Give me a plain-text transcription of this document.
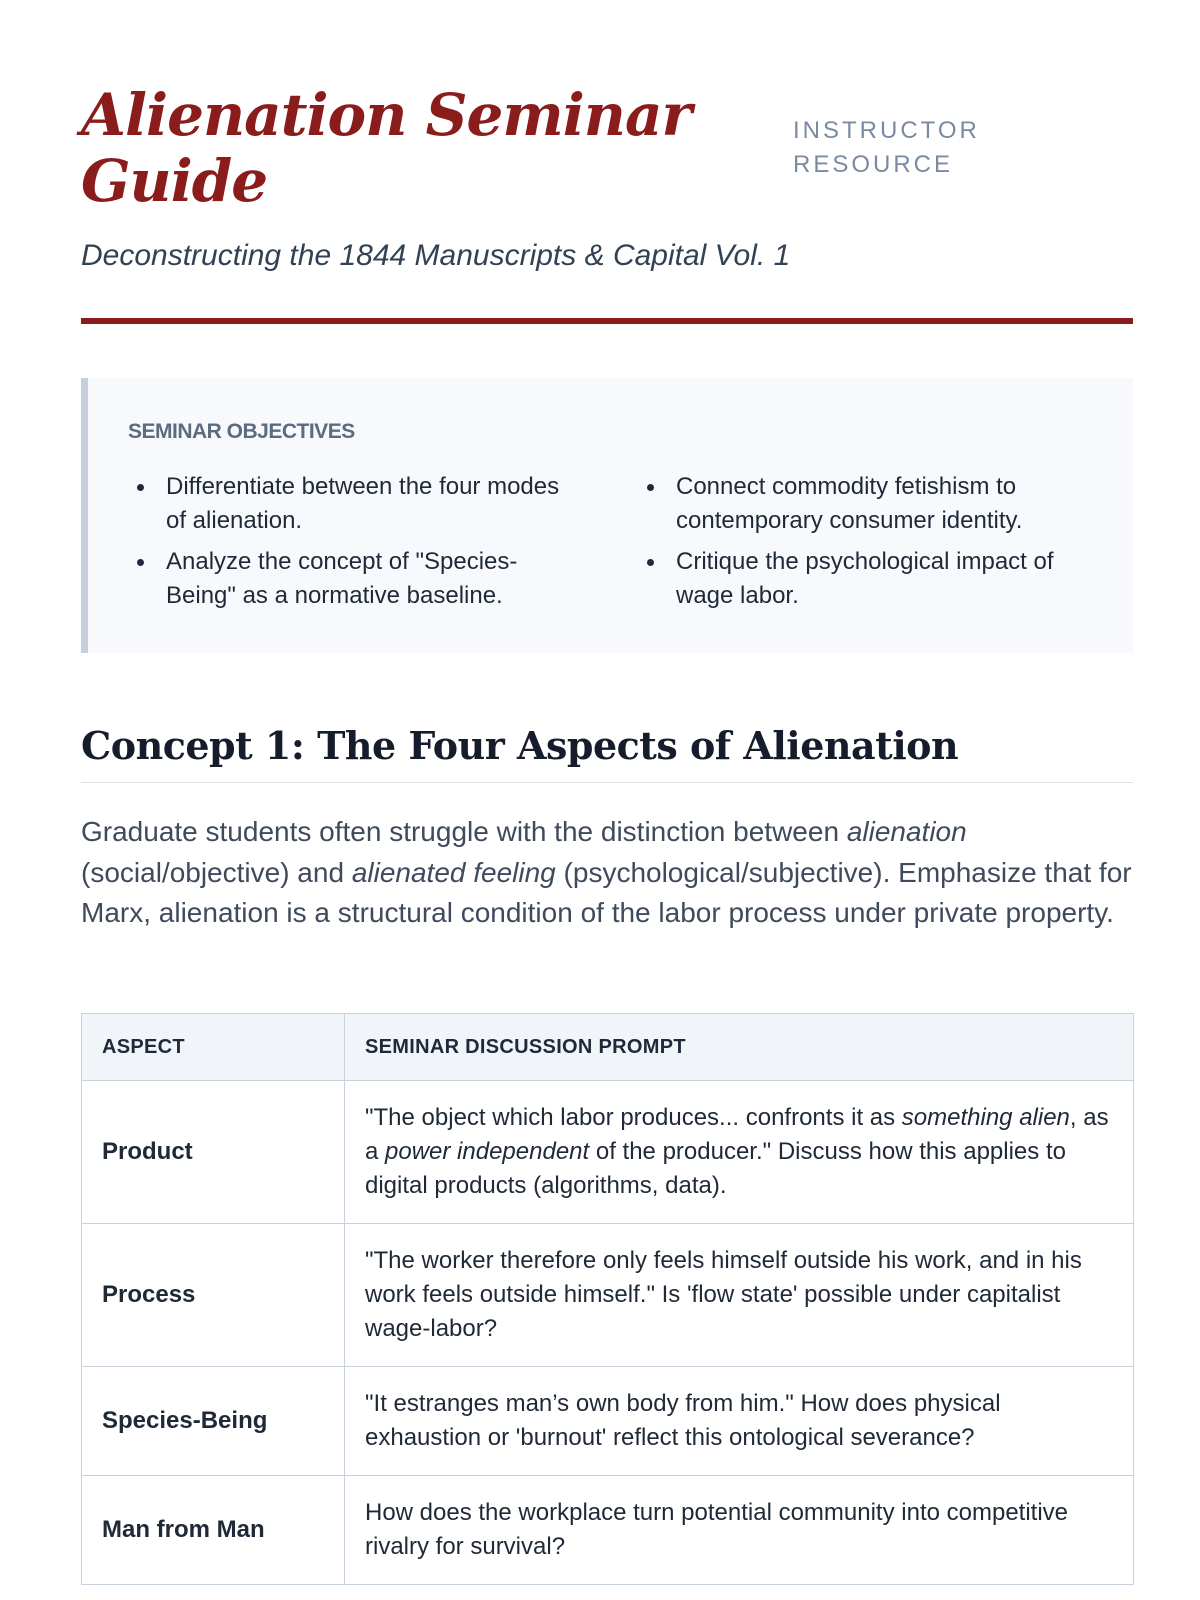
Alienation Seminar Guide
INSTRUCTOR RESOURCE

Deconstructing the 1844 Manuscripts & Capital Vol. 1

SEMINAR OBJECTIVES
Differentiate between the four modes of alienation.
Analyze the concept of "Species-Being" as a normative baseline.
Connect commodity fetishism to contemporary consumer identity.
Critique the psychological impact of wage labor.
Concept 1: The Four Aspects of Alienation

Graduate students often struggle with the distinction between alienation (social/objective) and alienated feeling (psychological/subjective). Emphasize that for Marx, alienation is a structural condition of the labor process under private property.

ASPECT	SEMINAR DISCUSSION PROMPT
Product	"The object which labor produces... confronts it as something alien, as a power independent of the producer." Discuss how this applies to digital products (algorithms, data).
Process	"The worker therefore only feels himself outside his work, and in his work feels outside himself." Is 'flow state' possible under capitalist wage-labor?
Species-Being	"It estranges man’s own body from him." How does physical exhaustion or 'burnout' reflect this ontological severance?
Man from Man	How does the workplace turn potential community into competitive rivalry for survival?
